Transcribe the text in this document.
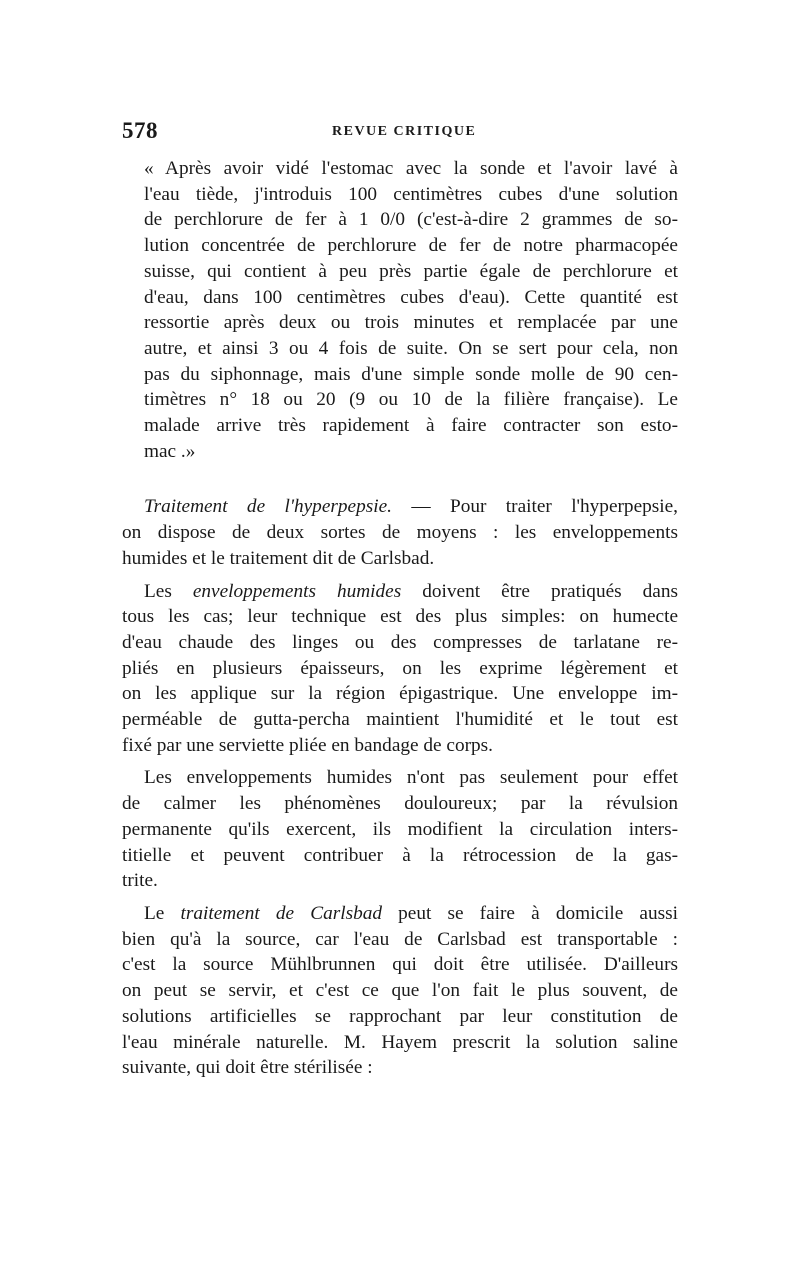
578	REVUE CRITIQUE

« Après avoir vidé l'estomac avec la sonde et l'avoir lavé à
l'eau tiède, j'introduis 100 centimètres cubes d'une solution
de perchlorure de fer à 1 0/0 (c'est-à-dire 2 grammes de so-
lution concentrée de perchlorure de fer de notre pharmacopée
suisse, qui contient à peu près partie égale de perchlorure et
d'eau, dans 100 centimètres cubes d'eau). Cette quantité est
ressortie après deux ou trois minutes et remplacée par une
autre, et ainsi 3 ou 4 fois de suite. On se sert pour cela, non
pas du siphonnage, mais d'une simple sonde molle de 90 cen-
timètres n° 18 ou 20 (9 ou 10 de la filière française). Le
malade arrive très rapidement à faire contracter son esto-
mac .»

Traitement de l'hyperpepsie. — Pour traiter l'hyperpepsie,
on dispose de deux sortes de moyens : les enveloppements
humides et le traitement dit de Carlsbad.

Les enveloppements humides doivent être pratiqués dans
tous les cas; leur technique est des plus simples: on humecte
d'eau chaude des linges ou des compresses de tarlatane re-
pliés en plusieurs épaisseurs, on les exprime légèrement et
on les applique sur la région épigastrique. Une enveloppe im-
perméable de gutta-percha maintient l'humidité et le tout est
fixé par une serviette pliée en bandage de corps.

Les enveloppements humides n'ont pas seulement pour effet
de calmer les phénomènes douloureux; par la révulsion
permanente qu'ils exercent, ils modifient la circulation inters-
titielle et peuvent contribuer à la rétrocession de la gas-
trite.

Le traitement de Carlsbad peut se faire à domicile aussi
bien qu'à la source, car l'eau de Carlsbad est transportable :
c'est la source Mühlbrunnen qui doit être utilisée. D'ailleurs
on peut se servir, et c'est ce que l'on fait le plus souvent, de
solutions artificielles se rapprochant par leur constitution de
l'eau minérale naturelle. M. Hayem prescrit la solution saline
suivante, qui doit être stérilisée :
